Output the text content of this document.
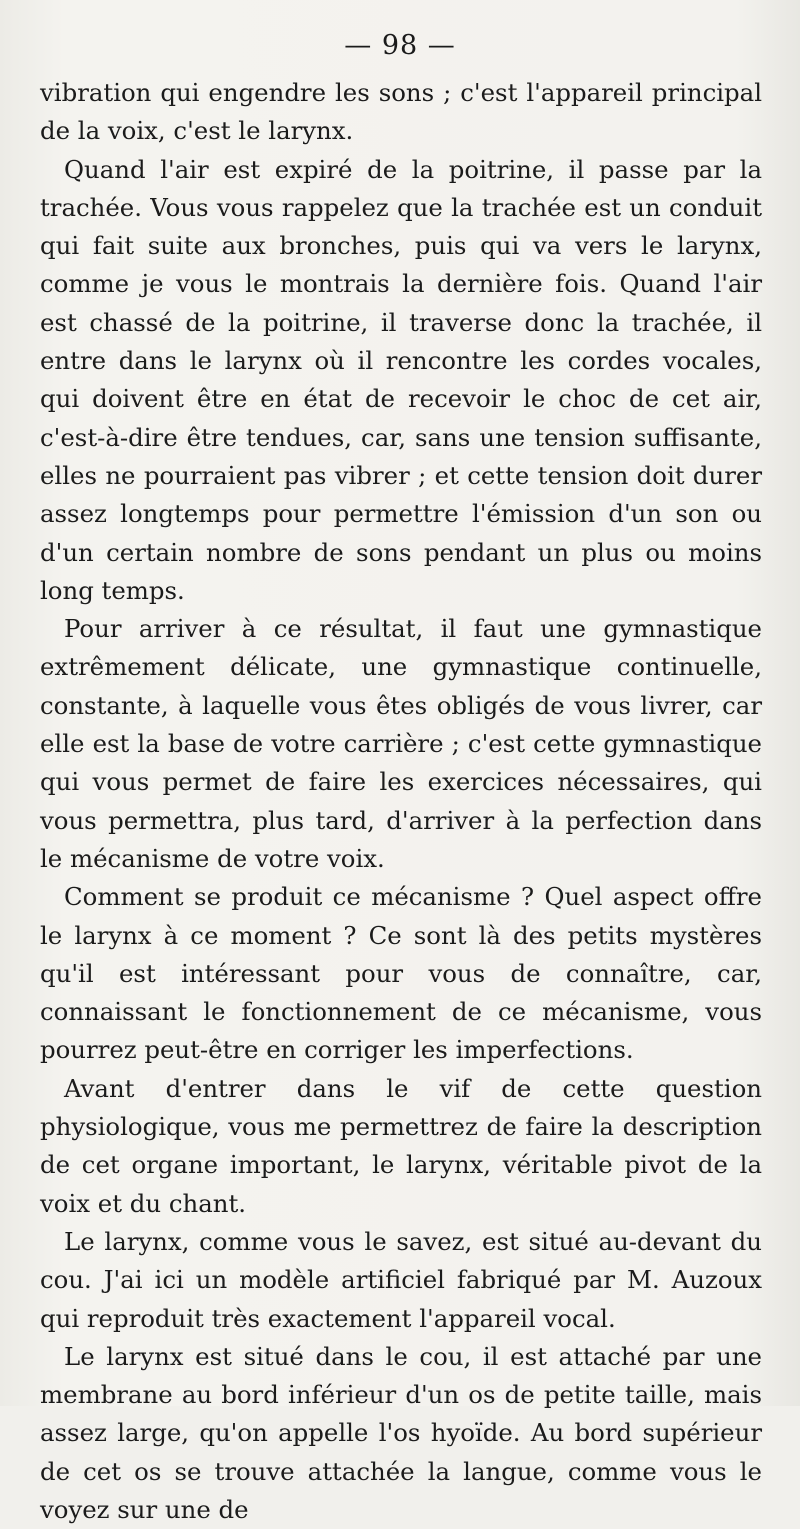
— 98 —

vibration qui engendre les sons ; c'est l'appareil principal de la voix, c'est le larynx.

Quand l'air est expiré de la poitrine, il passe par la trachée. Vous vous rappelez que la trachée est un conduit qui fait suite aux bronches, puis qui va vers le larynx, comme je vous le montrais la dernière fois. Quand l'air est chassé de la poitrine, il traverse donc la trachée, il entre dans le larynx où il rencontre les cordes vocales, qui doivent être en état de recevoir le choc de cet air, c'est-à-dire être tendues, car, sans une tension suffisante, elles ne pourraient pas vibrer ; et cette tension doit durer assez longtemps pour permettre l'émission d'un son ou d'un certain nombre de sons pendant un plus ou moins long temps.

Pour arriver à ce résultat, il faut une gymnastique extrêmement délicate, une gymnastique continuelle, constante, à laquelle vous êtes obligés de vous livrer, car elle est la base de votre carrière ; c'est cette gymnastique qui vous permet de faire les exercices nécessaires, qui vous permettra, plus tard, d'arriver à la perfection dans le mécanisme de votre voix.

Comment se produit ce mécanisme ? Quel aspect offre le larynx à ce moment ? Ce sont là des petits mystères qu'il est intéressant pour vous de connaître, car, connaissant le fonctionnement de ce mécanisme, vous pourrez peut-être en corriger les imperfections.

Avant d'entrer dans le vif de cette question physiologique, vous me permettrez de faire la description de cet organe important, le larynx, véritable pivot de la voix et du chant.

Le larynx, comme vous le savez, est situé au-devant du cou. J'ai ici un modèle artificiel fabriqué par M. Auzoux qui reproduit très exactement l'appareil vocal.

Le larynx est situé dans le cou, il est attaché par une membrane au bord inférieur d'un os de petite taille, mais assez large, qu'on appelle l'os hyoïde. Au bord supérieur de cet os se trouve attachée la langue, comme vous le voyez sur une de
